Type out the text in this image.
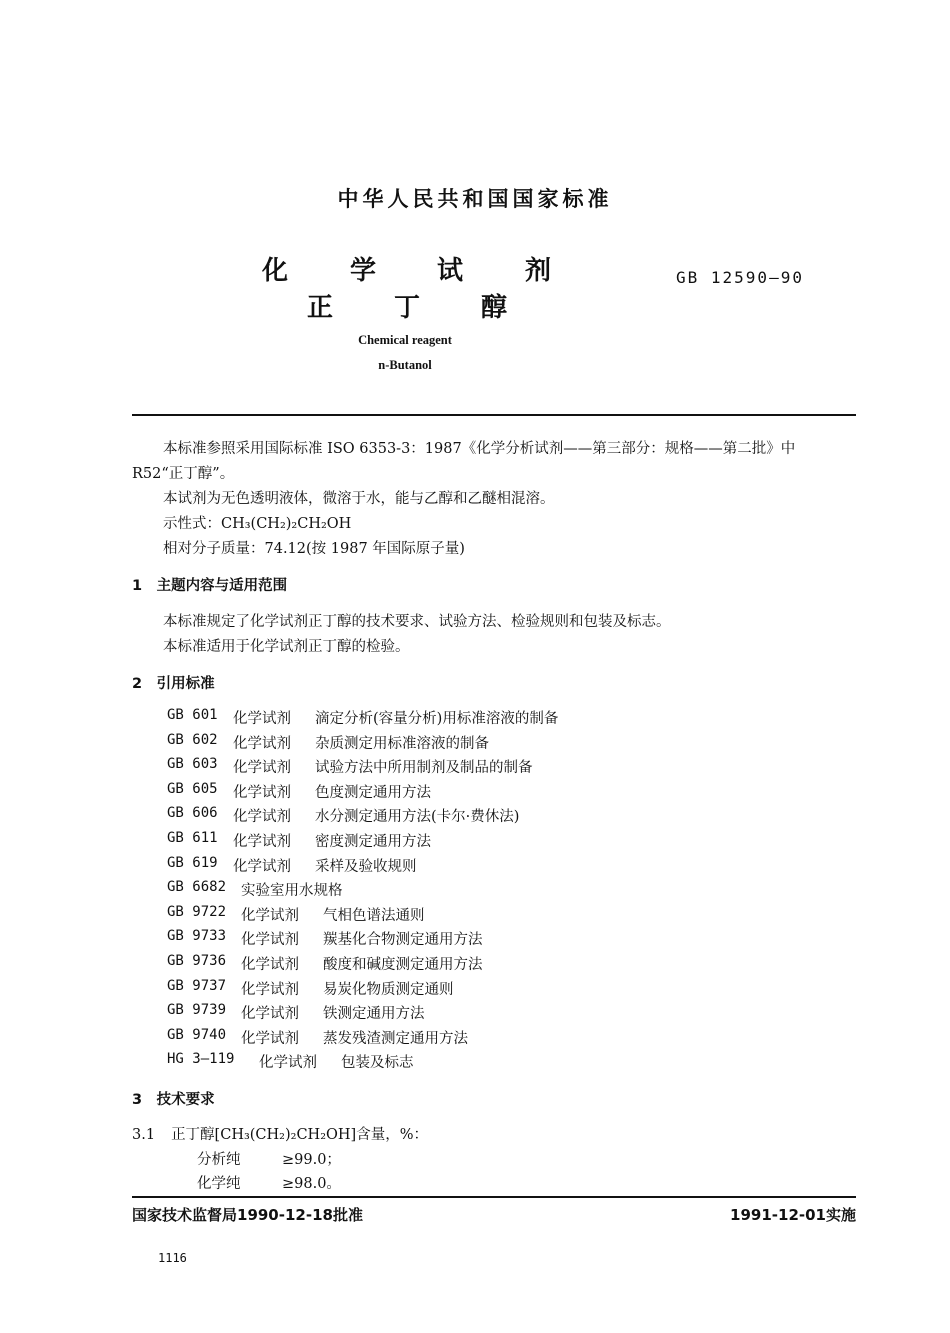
中华人民共和国国家标准
化 学 试 剂
正 丁 醇
GB 12590—90
Chemical reagent
n-Butanol
本标准参照采用国际标准 ISO 6353-3：1987《化学分析试剂——第三部分：规格——第二批》中
R52“正丁醇”。
本试剂为无色透明液体，微溶于水，能与乙醇和乙醚相混溶。
示性式：CH₃(CH₂)₂CH₂OH
相对分子质量：74.12(按 1987 年国际原子量)
1　主题内容与适用范围
本标准规定了化学试剂正丁醇的技术要求、试验方法、检验规则和包装及标志。
本标准适用于化学试剂正丁醇的检验。
2　引用标准
GB 601 化学试剂 滴定分析(容量分析)用标准溶液的制备
GB 602 化学试剂 杂质测定用标准溶液的制备
GB 603 化学试剂 试验方法中所用制剂及制品的制备
GB 605 化学试剂 色度测定通用方法
GB 606 化学试剂 水分测定通用方法(卡尔·费休法)
GB 611 化学试剂 密度测定通用方法
GB 619 化学试剂 采样及验收规则
GB 6682 实验室用水规格
GB 9722 化学试剂 气相色谱法通则
GB 9733 化学试剂 羰基化合物测定通用方法
GB 9736 化学试剂 酸度和碱度测定通用方法
GB 9737 化学试剂 易炭化物质测定通则
GB 9739 化学试剂 铁测定通用方法
GB 9740 化学试剂 蒸发残渣测定通用方法
HG 3—119 化学试剂 包装及标志
3　技术要求
3.1 正丁醇[CH₃(CH₂)₂CH₂OH]含量，%：
分析纯	≥99.0；
化学纯	≥98.0。
国家技术监督局1990-12-18批准	1991-12-01实施
1116
